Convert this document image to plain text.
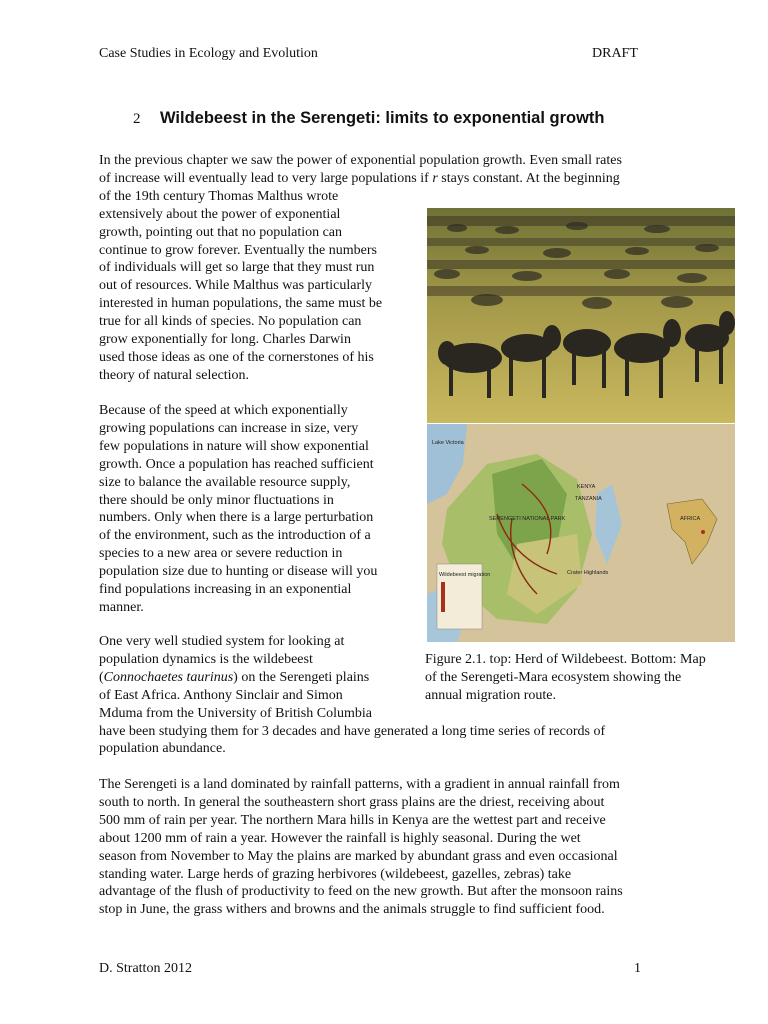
Case Studies in Ecology and Evolution	DRAFT
2 Wildebeest in the Serengeti: limits to exponential growth
In the previous chapter we saw the power of exponential population growth. Even small rates
of increase will eventually lead to very large populations if r stays constant. At the beginning
of the 19th century Thomas Malthus wrote
extensively about the power of exponential
growth, pointing out that no population can
continue to grow forever. Eventually the numbers
of individuals will get so large that they must run
out of resources. While Malthus was particularly
interested in human populations, the same must be
true for all kinds of species. No population can
grow exponentially for long. Charles Darwin
used those ideas as one of the cornerstones of his
theory of natural selection.
Because of the speed at which exponentially
growing populations can increase in size, very
few populations in nature will show exponential
growth. Once a population has reached sufficient
size to balance the available resource supply,
there should be only minor fluctuations in
numbers. Only when there is a large perturbation
of the environment, such as the introduction of a
species to a new area or severe reduction in
population size due to hunting or disease will you
find populations increasing in an exponential
manner.
One very well studied system for looking at
population dynamics is the wildebeest
(Connochaetes taurinus) on the Serengeti plains
of East Africa. Anthony Sinclair and Simon
Mduma from the University of British Columbia
have been studying them for 3 decades and have generated a long time series of records of
population abundance.
The Serengeti is a land dominated by rainfall patterns, with a gradient in annual rainfall from
south to north. In general the southeastern short grass plains are the driest, receiving about
500 mm of rain per year. The northern Mara hills in Kenya are the wettest part and receive
about 1200 mm of rain a year. However the rainfall is highly seasonal. During the wet
season from November to May the plains are marked by abundant grass and even occasional
standing water. Large herds of grazing herbivores (wildebeest, gazelles, zebras) take
advantage of the flush of productivity to feed on the new growth. But after the monsoon rains
stop in June, the grass withers and browns and the animals struggle to find sufficient food.
Lake Victoria
SERENGETI NATIONAL PARK	AFRICA
Wildebeest migration
KENYA
TANZANIA
Crater Highlands
Figure 2.1. top: Herd of Wildebeest. Bottom: Map
of the Serengeti-Mara ecosystem showing the
annual migration route.
D. Stratton 2012	1
